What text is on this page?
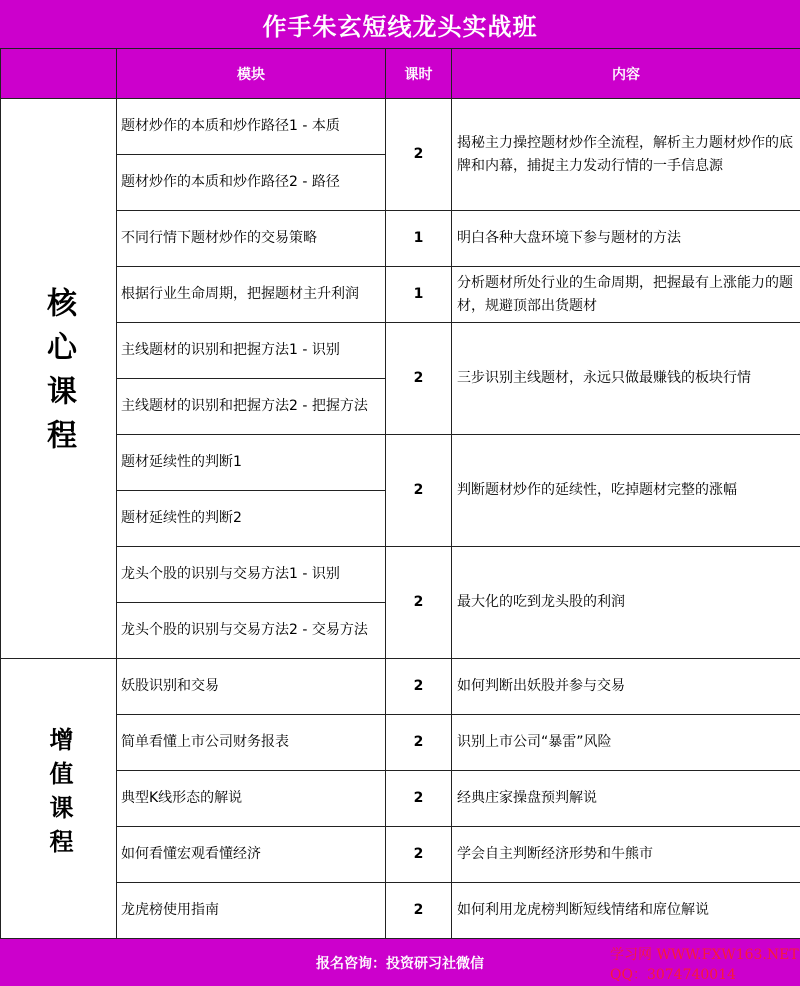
作手朱玄短线龙头实战班
	模块	课时	内容
核心课程	题材炒作的本质和炒作路径1 - 本质	2	揭秘主力操控题材炒作全流程，解析主力题材炒作的底牌和内幕，捕捉主力发动行情的一手信息源
	题材炒作的本质和炒作路径2 - 路径		
	不同行情下题材炒作的交易策略	1	明白各种大盘环境下参与题材的方法
	根据行业生命周期，把握题材主升利润	1	分析题材所处行业的生命周期，把握最有上涨能力的题材，规避顶部出货题材
	主线题材的识别和把握方法1 - 识别	2	三步识别主线题材，永远只做最赚钱的板块行情
	主线题材的识别和把握方法2 - 把握方法		
	题材延续性的判断1	2	判断题材炒作的延续性，吃掉题材完整的涨幅
	题材延续性的判断2		
	龙头个股的识别与交易方法1 - 识别	2	最大化的吃到龙头股的利润
	龙头个股的识别与交易方法2 - 交易方法		
增值课程	妖股识别和交易	2	如何判断出妖股并参与交易
	简单看懂上市公司财务报表	2	识别上市公司“暴雷”风险
	典型K线形态的解说	2	经典庄家操盘预判解说
	如何看懂宏观看懂经济	2	学会自主判断经济形势和牛熊市
	龙虎榜使用指南	2	如何利用龙虎榜判断短线情绪和席位解说
报名咨询：投资研习社微信
学习网 WWW.FXW163.NET
QQ：3074740014
